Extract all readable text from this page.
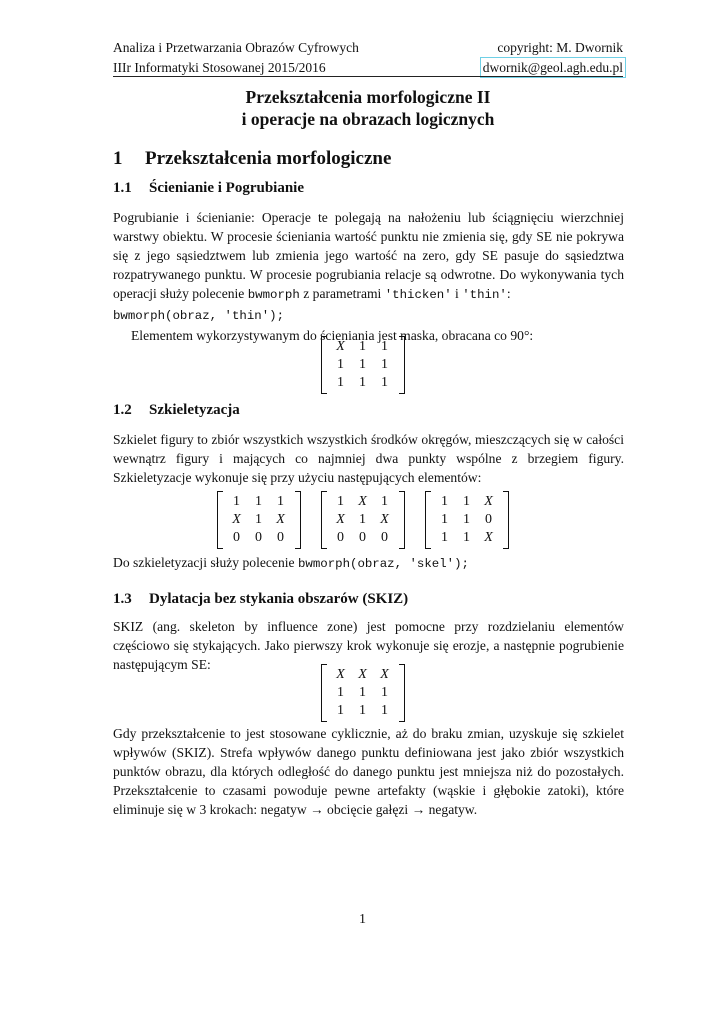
Analiza i Przetwarzania Obrazów Cyfrowych	copyright: M. Dwornik
IIIr Informatyki Stosowanej 2015/2016	dwornik@geol.agh.edu.pl
Przekształcenia morfologiczne II
i operacje na obrazach logicznych
1 Przekształcenia morfologiczne
1.1 Ścienianie i Pogrubianie

Pogrubianie i ścienianie: Operacje te polegają na nałożeniu lub ściągnięciu wierzchniej warstwy obiektu. W procesie ścieniania wartość punktu nie zmienia się, gdy SE nie pokrywa się z jego sąsiedztwem lub zmienia jego wartość na zero, gdy SE pasuje do sąsiedztwa rozpatrywanego punktu. W procesie pogrubiania relacje są odwrotne. Do wykonywania tych operacji służy polecenie bwmorph z parametrami 'thicken' i 'thin':
bwmorph(obraz, 'thin');

Elementem wykorzystywanym do ścieniania jest maska, obracana co 90°:

X	1	1
1	1	1
1	1	1
1.2 Szkieletyzacja

Szkielet figury to zbiór wszystkich wszystkich środków okręgów, mieszczących się w całości wewnątrz figury i mających co najmniej dwa punkty wspólne z brzegiem figury. Szkieletyzacje wykonuje się przy użyciu następujących elementów:

1	1	1
X	1	X
0	0	0
1	X	1
X	1	X
0	0	0
1	1	X
1	1	0
1	1	X

Do szkieletyzacji służy polecenie bwmorph(obraz, 'skel');

1.3 Dylatacja bez stykania obszarów (SKIZ)

SKIZ (ang. skeleton by influence zone) jest pomocne przy rozdzielaniu elementów częściowo się stykających. Jako pierwszy krok wykonuje się erozje, a następnie pogrubienie następującym SE:

X	X	X
1	1	1
1	1	1

Gdy przekształcenie to jest stosowane cyklicznie, aż do braku zmian, uzyskuje się szkielet wpływów (SKIZ). Strefa wpływów danego punktu definiowana jest jako zbiór wszystkich punktów obrazu, dla których odległość do danego punktu jest mniejsza niż do pozostałych. Przekształcenie to czasami powoduje pewne artefakty (wąskie i głębokie zatoki), które eliminuje się w 3 krokach: negatyw → obcięcie gałęzi → negatyw.

1
